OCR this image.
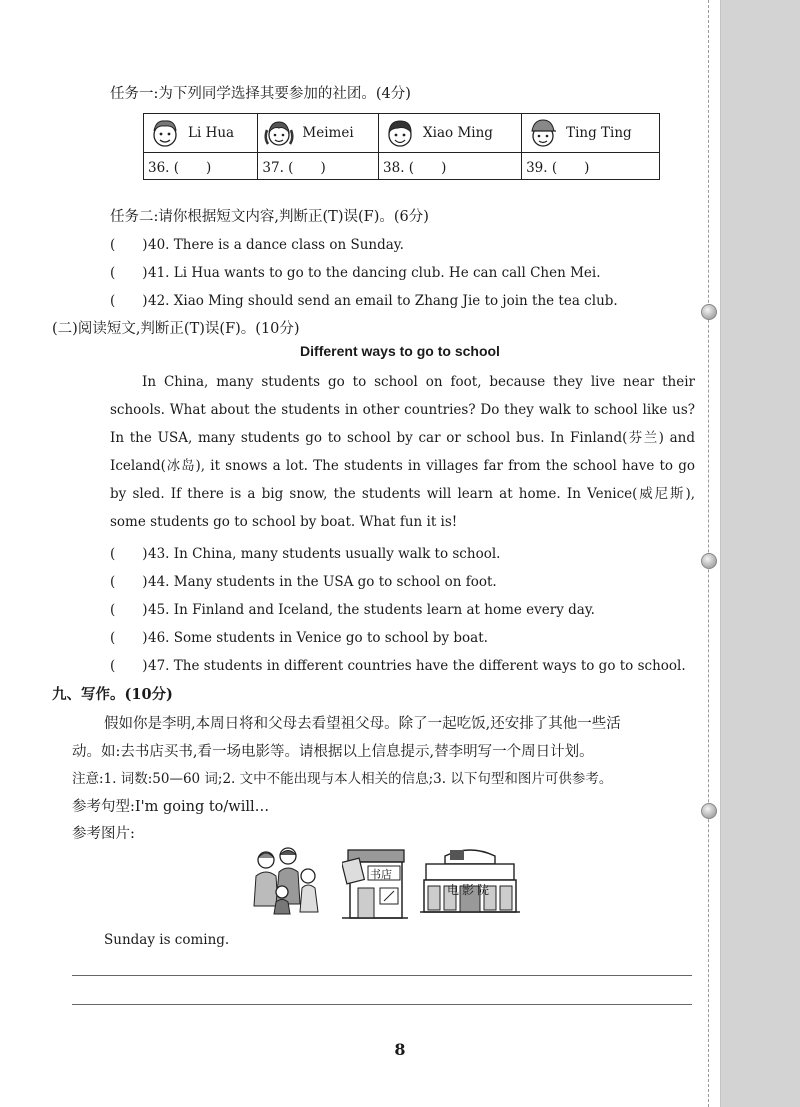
任务一:为下列同学选择其要参加的社团。(4分)
Li Hua	Meimei	Xiao Ming	Ting Ting

36. (　　)	37. (　　)	38. (　　)	39. (　　)
任务二:请你根据短文内容,判断正(T)误(F)。(6分)
(　　)40. There is a dance class on Sunday.
(　　)41. Li Hua wants to go to the dancing club. He can call Chen Mei.
(　　)42. Xiao Ming should send an email to Zhang Jie to join the tea club.
(二)阅读短文,判断正(T)误(F)。(10分)
Different ways to go to school

In China, many students go to school on foot, because they live near their schools. What about the students in other countries? Do they walk to school like us? In the USA, many students go to school by car or school bus. In Finland(芬兰) and Iceland(冰岛), it snows a lot. The students in villages far from the school have to go by sled. If there is a big snow, the students will learn at home. In Venice(威尼斯), some students go to school by boat. What fun it is!

(　　)43. In China, many students usually walk to school.
(　　)44. Many students in the USA go to school on foot.
(　　)45. In Finland and Iceland, the students learn at home every day.
(　　)46. Some students in Venice go to school by boat.
(　　)47. The students in different countries have the different ways to go to school.
九、写作。(10分)
假如你是李明,本周日将和父母去看望祖父母。除了一起吃饭,还安排了其他一些活
动。如:去书店买书,看一场电影等。请根据以上信息提示,替李明写一个周日计划。
注意:1. 词数:50—60 词;2. 文中不能出现与本人相关的信息;3. 以下句型和图片可供参考。
参考句型:I'm going to/will…
参考图片:
书店
电影院
Sunday is coming.
8
